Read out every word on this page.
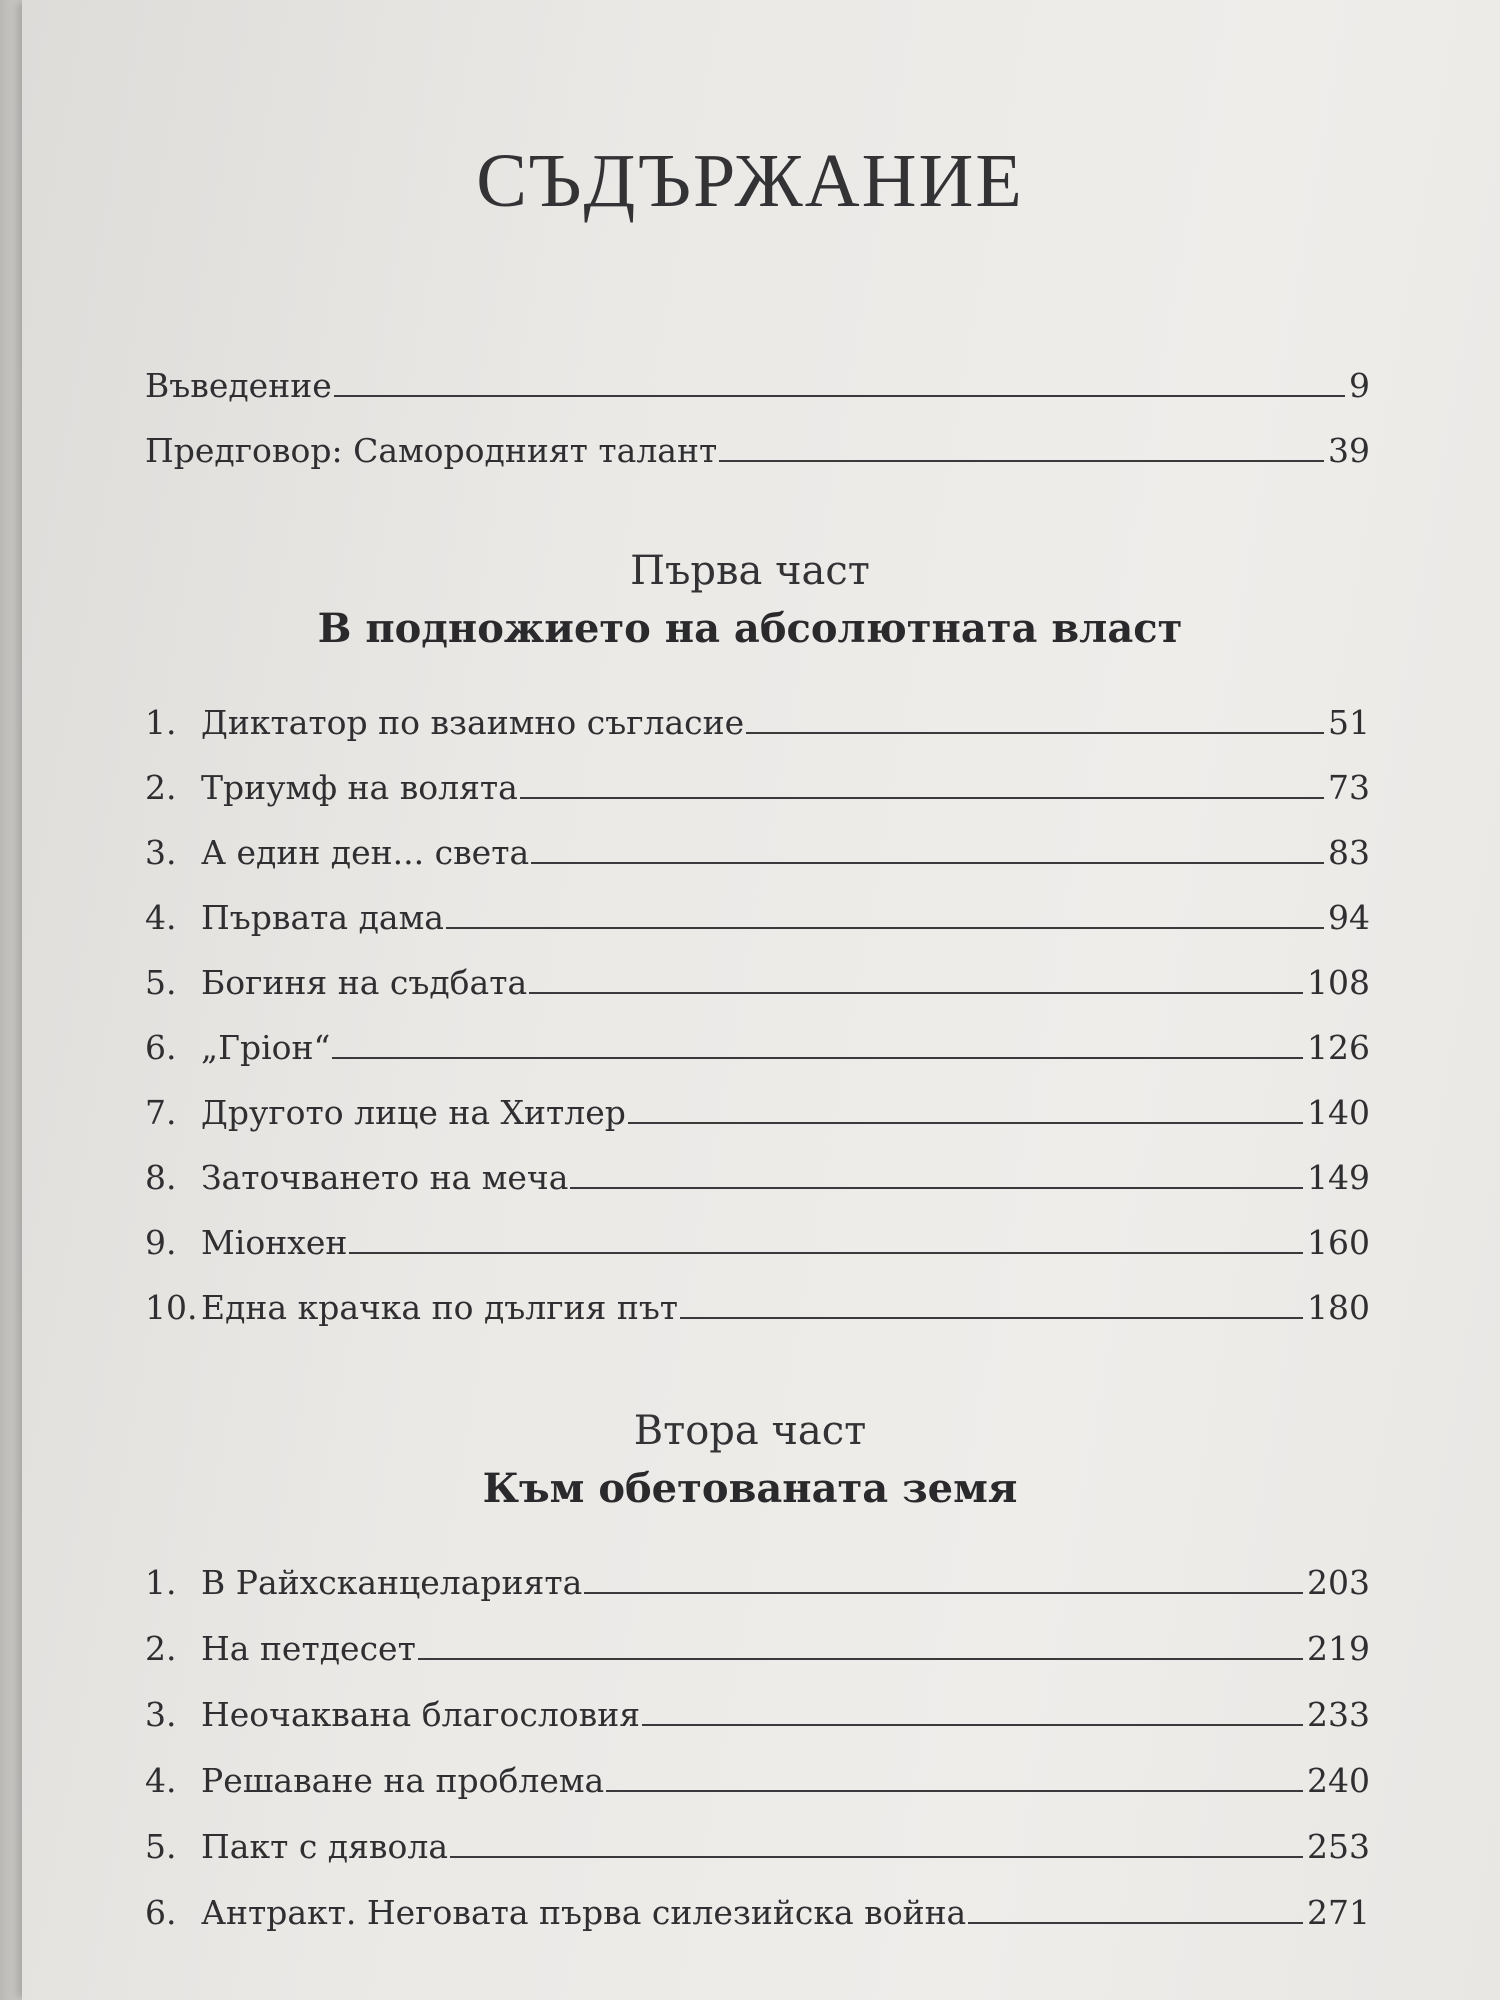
СЪДЪРЖАНИЕ
Въведение	9
Предговор: Самородният талант	39
Първа част
В подножието на абсолютната власт
1. Диктатор по взаимно съгласие	51
2. Триумф на волята	73
3. А един ден... света	83
4. Първата дама	94
5. Богиня на съдбата	108
6. „Гріон“	126
7. Другото лице на Хитлер	140
8. Заточването на меча	149
9. Міонхен	160
10. Една крачка по дългия път	180
Втора част
Към обетованата земя
1. В Райхсканцеларията	203
2. На петдесет	219
3. Неочаквана благословия	233
4. Решаване на проблема	240
5. Пакт с дявола	253
6. Антракт. Неговата първа силезийска война	271
